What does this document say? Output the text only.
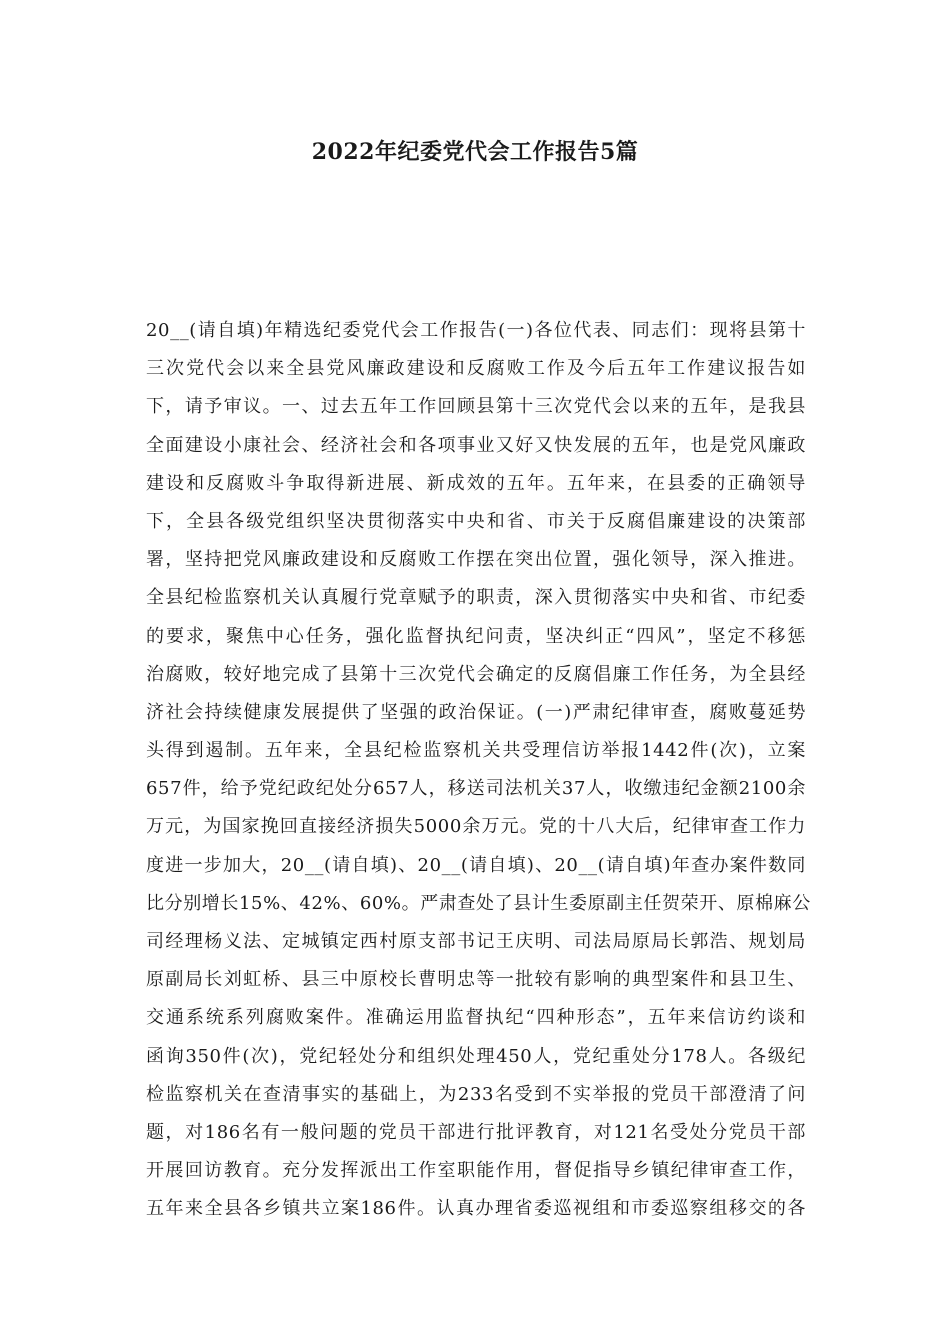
2022年纪委党代会工作报告5篇
20__(请自填)年精选纪委党代会工作报告(一)各位代表、同志们：现将县第十
三次党代会以来全县党风廉政建设和反腐败工作及今后五年工作建议报告如
下，请予审议。一、过去五年工作回顾县第十三次党代会以来的五年，是我县
全面建设小康社会、经济社会和各项事业又好又快发展的五年，也是党风廉政
建设和反腐败斗争取得新进展、新成效的五年。五年来，在县委的正确领导
下，全县各级党组织坚决贯彻落实中央和省、市关于反腐倡廉建设的决策部
署，坚持把党风廉政建设和反腐败工作摆在突出位置，强化领导，深入推进。
全县纪检监察机关认真履行党章赋予的职责，深入贯彻落实中央和省、市纪委
的要求，聚焦中心任务，强化监督执纪问责，坚决纠正“四风”，坚定不移惩
治腐败，较好地完成了县第十三次党代会确定的反腐倡廉工作任务，为全县经
济社会持续健康发展提供了坚强的政治保证。(一)严肃纪律审查，腐败蔓延势
头得到遏制。五年来，全县纪检监察机关共受理信访举报1442件(次)，立案
657件，给予党纪政纪处分657人，移送司法机关37人，收缴违纪金额2100余
万元，为国家挽回直接经济损失5000余万元。党的十八大后，纪律审查工作力
度进一步加大，20__(请自填)、20__(请自填)、20__(请自填)年查办案件数同
比分别增长15%、42%、60%。严肃查处了县计生委原副主任贺荣开、原棉麻公
司经理杨义法、定城镇定西村原支部书记王庆明、司法局原局长郭浩、规划局
原副局长刘虹桥、县三中原校长曹明忠等一批较有影响的典型案件和县卫生、
交通系统系列腐败案件。准确运用监督执纪“四种形态”，五年来信访约谈和
函询350件(次)，党纪轻处分和组织处理450人，党纪重处分178人。各级纪
检监察机关在查清事实的基础上，为233名受到不实举报的党员干部澄清了问
题，对186名有一般问题的党员干部进行批评教育，对121名受处分党员干部
开展回访教育。充分发挥派出工作室职能作用，督促指导乡镇纪律审查工作，
五年来全县各乡镇共立案186件。认真办理省委巡视组和市委巡察组移交的各
